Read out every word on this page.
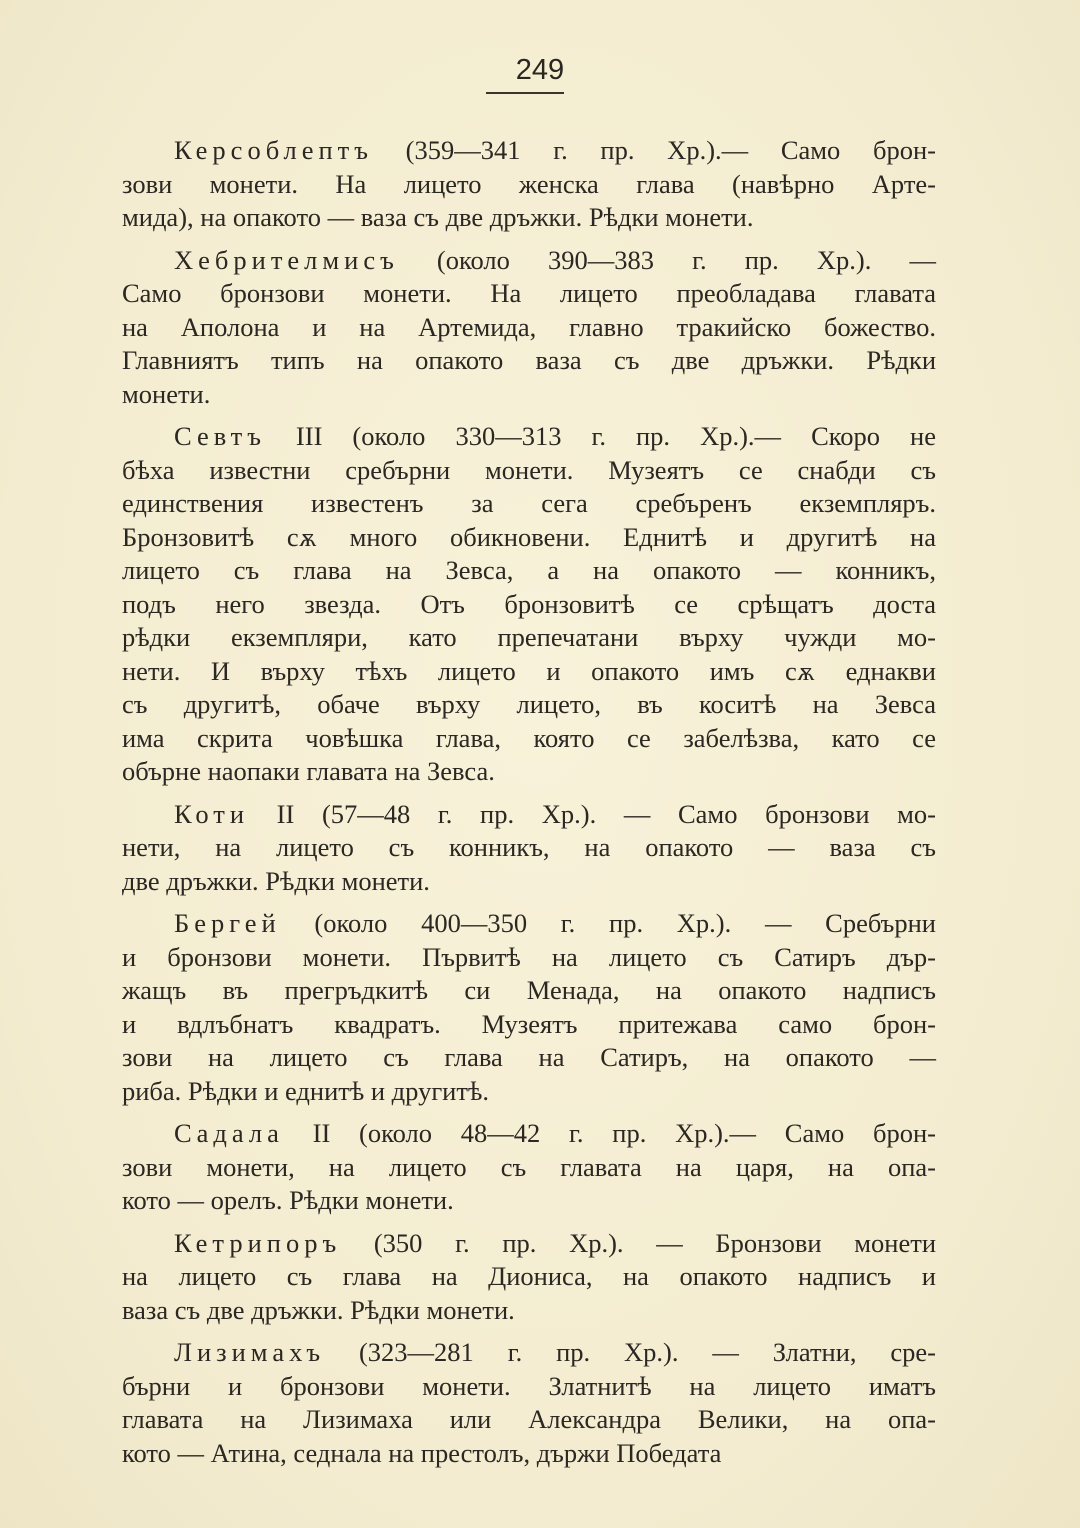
249
Керсоблептъ (359—341 г. пр. Хр.).— Само брон-
зови монети. На лицето женска глава (навѣрно Арте-
мида), на опакото — ваза съ две дръжки. Рѣдки монети.
Хебрителмисъ (около 390—383 г. пр. Хр.). —
Само бронзови монети. На лицето преобладава главата
на Аполона и на Артемида, главно тракийско божество.
Главниятъ типъ на опакото ваза съ две дръжки. Рѣдки
монети.
Севтъ III (около 330—313 г. пр. Хр.).— Скоро не
бѣха известни сребърни монети. Музеятъ се снабди съ
единствения известенъ за сега сребъренъ екземпляръ.
Бронзовитѣ сѫ много обикновени. Еднитѣ и другитѣ на
лицето съ глава на Зевса, а на опакото — конникъ,
подъ него звезда. Отъ бронзовитѣ се срѣщатъ доста
рѣдки екземпляри, като препечатани върху чужди мо-
нети. И върху тѣхъ лицето и опакото имъ сѫ еднакви
съ другитѣ, обаче върху лицето, въ коситѣ на Зевса
има скрита човѣшка глава, която се забелѣзва, като се
обърне наопаки главата на Зевса.
Коти II (57—48 г. пр. Хр.). — Само бронзови мо-
нети, на лицето съ конникъ, на опакото — ваза съ
две дръжки. Рѣдки монети.
Бергей (около 400—350 г. пр. Хр.). — Сребърни
и бронзови монети. Първитѣ на лицето съ Сатиръ дър-
жащъ въ прегръдкитѣ си Менада, на опакото надписъ
и вдлъбнатъ квадратъ. Музеятъ притежава само брон-
зови на лицето съ глава на Сатиръ, на опакото —
риба. Рѣдки и еднитѣ и другитѣ.
Садала II (около 48—42 г. пр. Хр.).— Само брон-
зови монети, на лицето съ главата на царя, на опа-
кото — орелъ. Рѣдки монети.
Кетрипоръ (350 г. пр. Хр.). — Бронзови монети
на лицето съ глава на Диониса, на опакото надписъ и
ваза съ две дръжки. Рѣдки монети.
Лизимахъ (323—281 г. пр. Хр.). — Златни, сре-
бърни и бронзови монети. Златнитѣ на лицето иматъ
главата на Лизимаха или Александра Велики, на опа-
кото — Атина, седнала на престолъ, държи Победата
